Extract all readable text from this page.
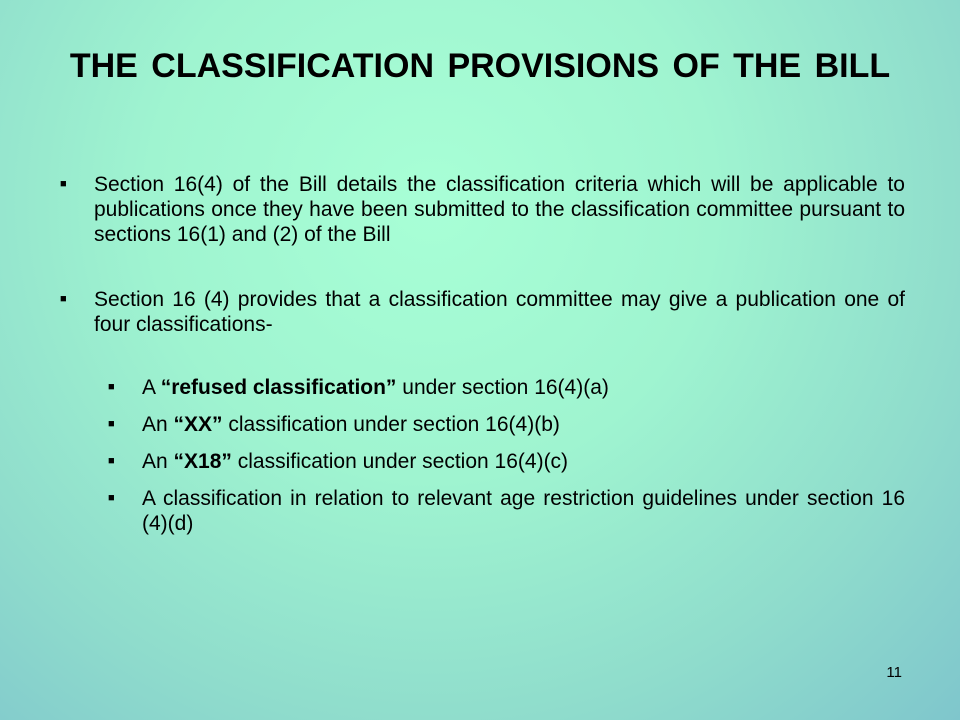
THE CLASSIFICATION PROVISIONS OF THE BILL
■	Section 16(4) of the Bill details the classification criteria which will be applicable to publications once they have been submitted to the classification committee pursuant to sections 16(1) and (2) of the Bill
■	Section 16 (4) provides that a classification committee may give a publication one of four classifications-
■	A “refused classification” under section 16(4)(a)
■	An “XX” classification under section 16(4)(b)
■	An “X18” classification under section 16(4)(c)
■	A classification in relation to relevant age restriction guidelines under section 16 (4)(d)
11
